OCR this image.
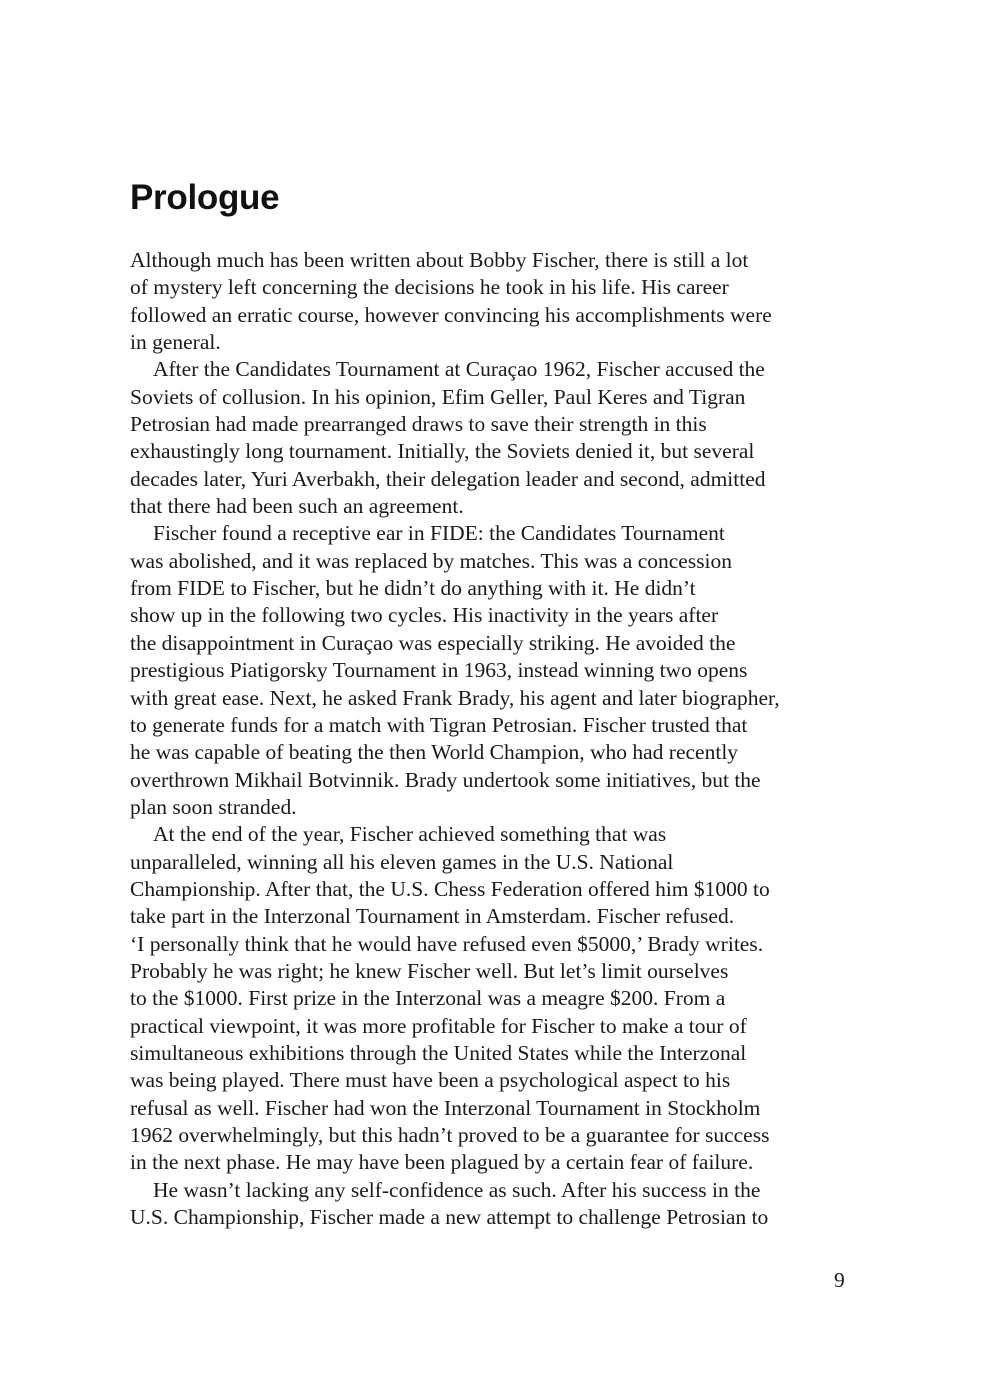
Prologue
Although much has been written about Bobby Fischer, there is still a lot
of mystery left concerning the decisions he took in his life. His career
followed an erratic course, however convincing his accomplishments were
in general.
After the Candidates Tournament at Curaçao 1962, Fischer accused the
Soviets of collusion. In his opinion, Efim Geller, Paul Keres and Tigran
Petrosian had made prearranged draws to save their strength in this
exhaustingly long tournament. Initially, the Soviets denied it, but several
decades later, Yuri Averbakh, their delegation leader and second, admitted
that there had been such an agreement.
Fischer found a receptive ear in FIDE: the Candidates Tournament
was abolished, and it was replaced by matches. This was a concession
from FIDE to Fischer, but he didn’t do anything with it. He didn’t
show up in the following two cycles. His inactivity in the years after
the disappointment in Curaçao was especially striking. He avoided the
prestigious Piatigorsky Tournament in 1963, instead winning two opens
with great ease. Next, he asked Frank Brady, his agent and later biographer,
to generate funds for a match with Tigran Petrosian. Fischer trusted that
he was capable of beating the then World Champion, who had recently
overthrown Mikhail Botvinnik. Brady undertook some initiatives, but the
plan soon stranded.
At the end of the year, Fischer achieved something that was
unparalleled, winning all his eleven games in the U.S. National
Championship. After that, the U.S. Chess Federation offered him $1000 to
take part in the Interzonal Tournament in Amsterdam. Fischer refused.
‘I personally think that he would have refused even $5000,’ Brady writes.
Probably he was right; he knew Fischer well. But let’s limit ourselves
to the $1000. First prize in the Interzonal was a meagre $200. From a
practical viewpoint, it was more profitable for Fischer to make a tour of
simultaneous exhibitions through the United States while the Interzonal
was being played. There must have been a psychological aspect to his
refusal as well. Fischer had won the Interzonal Tournament in Stockholm
1962 overwhelmingly, but this hadn’t proved to be a guarantee for success
in the next phase. He may have been plagued by a certain fear of failure.
He wasn’t lacking any self-confidence as such. After his success in the
U.S. Championship, Fischer made a new attempt to challenge Petrosian to
9
